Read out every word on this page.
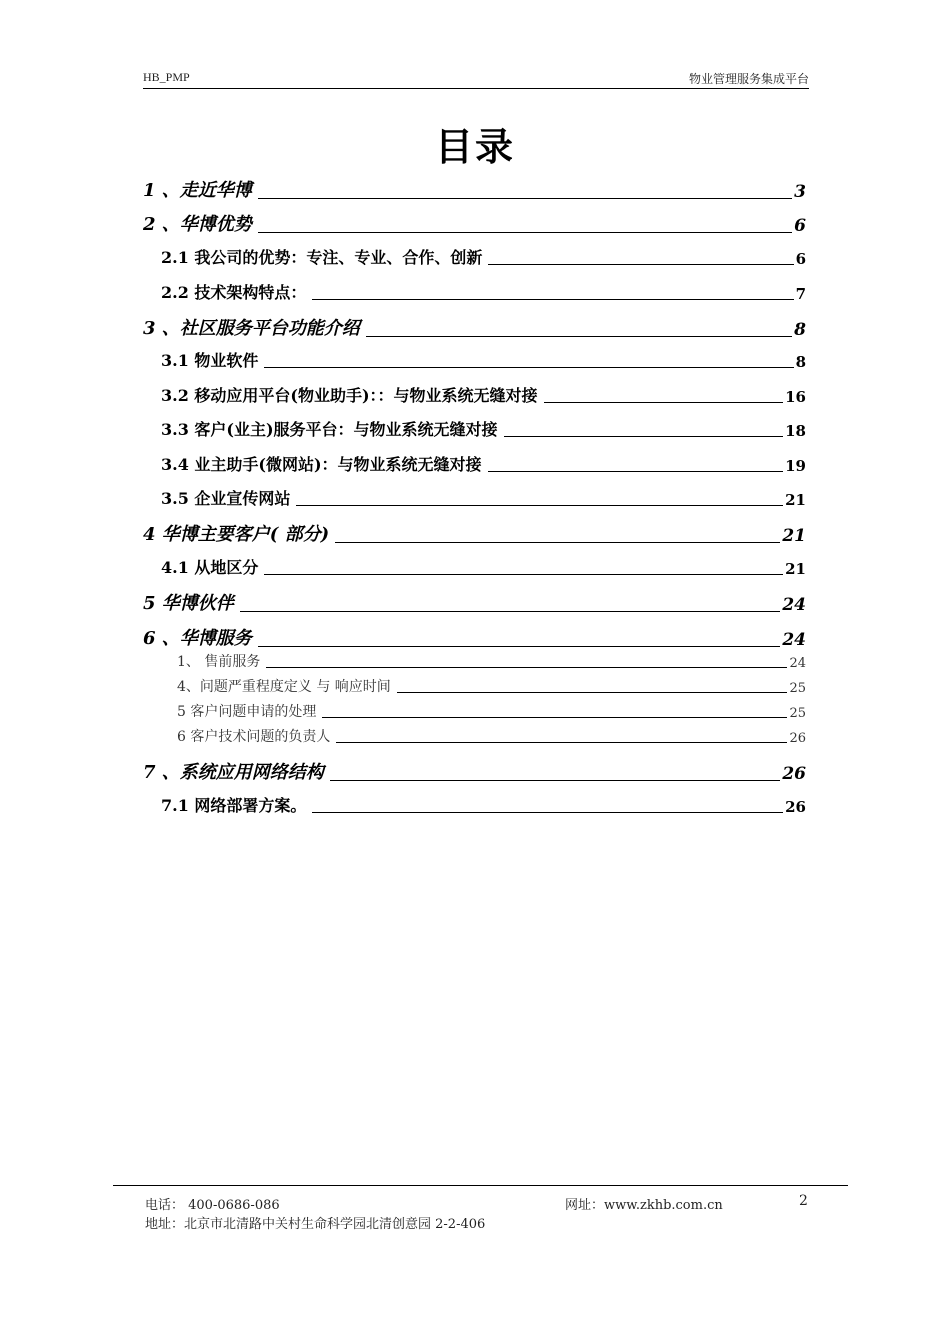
HB_PMP	物业管理服务集成平台
目录
1 、走近华博	3
2 、华博优势	6
2.1 我公司的优势：专注、专业、合作、创新	6
2.2 技术架构特点：	7
3 、社区服务平台功能介绍	8
3.1 物业软件	8
3.2 移动应用平台(物业助手)：：与物业系统无缝对接	16
3.3 客户(业主)服务平台：与物业系统无缝对接	18
3.4 业主助手(微网站)：与物业系统无缝对接	19
3.5 企业宣传网站	21
4 华博主要客户( 部分)	21
4.1 从地区分	21
5 华博伙伴	24
6 、华博服务	24
1、 售前服务	24
4、问题严重程度定义 与 响应时间	25
5 客户问题申请的处理	25
6 客户技术问题的负责人	26
7 、系统应用网络结构	26
7.1 网络部署方案。	26
电话： 400-0686-086	网址：www.zkhb.com.cn	2
地址：北京市北清路中关村生命科学园北清创意园 2-2-406
